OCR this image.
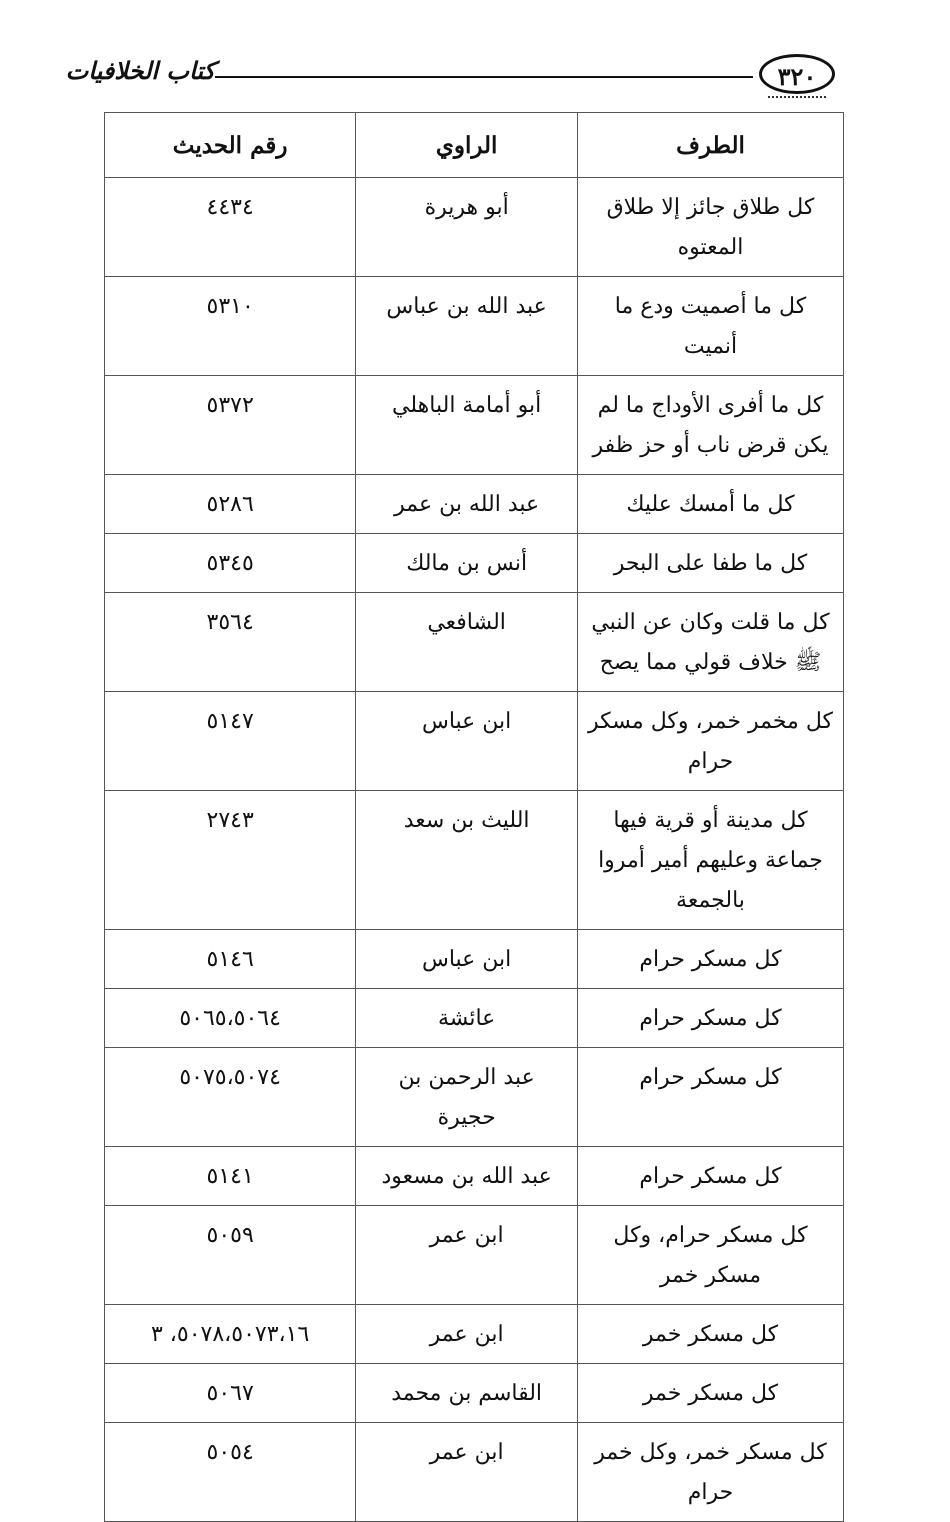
٣٢٠
كتاب الخلافيات
الطرف	الراوي	رقم الحديث
كل طلاق جائز إلا طلاق المعتوه	أبو هريرة	٤٤٣٤
كل ما أصميت ودع ما أنميت	عبد الله بن عباس	٥٣١٠
كل ما أفرى الأوداج ما لم يكن قرض ناب أو حز ظفر	أبو أمامة الباهلي	٥٣٧٢
كل ما أمسك عليك	عبد الله بن عمر	٥٢٨٦
كل ما طفا على البحر	أنس بن مالك	٥٣٤٥
كل ما قلت وكان عن النبي ﷺ خلاف قولي مما يصح	الشافعي	٣٥٦٤
كل مخمر خمر، وكل مسكر حرام	ابن عباس	٥١٤٧
كل مدينة أو قرية فيها جماعة وعليهم أمير أمروا بالجمعة	الليث بن سعد	٢٧٤٣
كل مسكر حرام	ابن عباس	٥١٤٦
كل مسكر حرام	عائشة	٥٠٦٥،٥٠٦٤
كل مسكر حرام	عبد الرحمن بن حجيرة	٥٠٧٥،٥٠٧٤
كل مسكر حرام	عبد الله بن مسعود	٥١٤١
كل مسكر حرام، وكل مسكر خمر	ابن عمر	٥٠٥٩
كل مسكر خمر	ابن عمر	٥٠٧٨،٥٠٧٣،١٦، ٣
كل مسكر خمر	القاسم بن محمد	٥٠٦٧
كل مسكر خمر، وكل خمر حرام	ابن عمر	٥٠٥٤
